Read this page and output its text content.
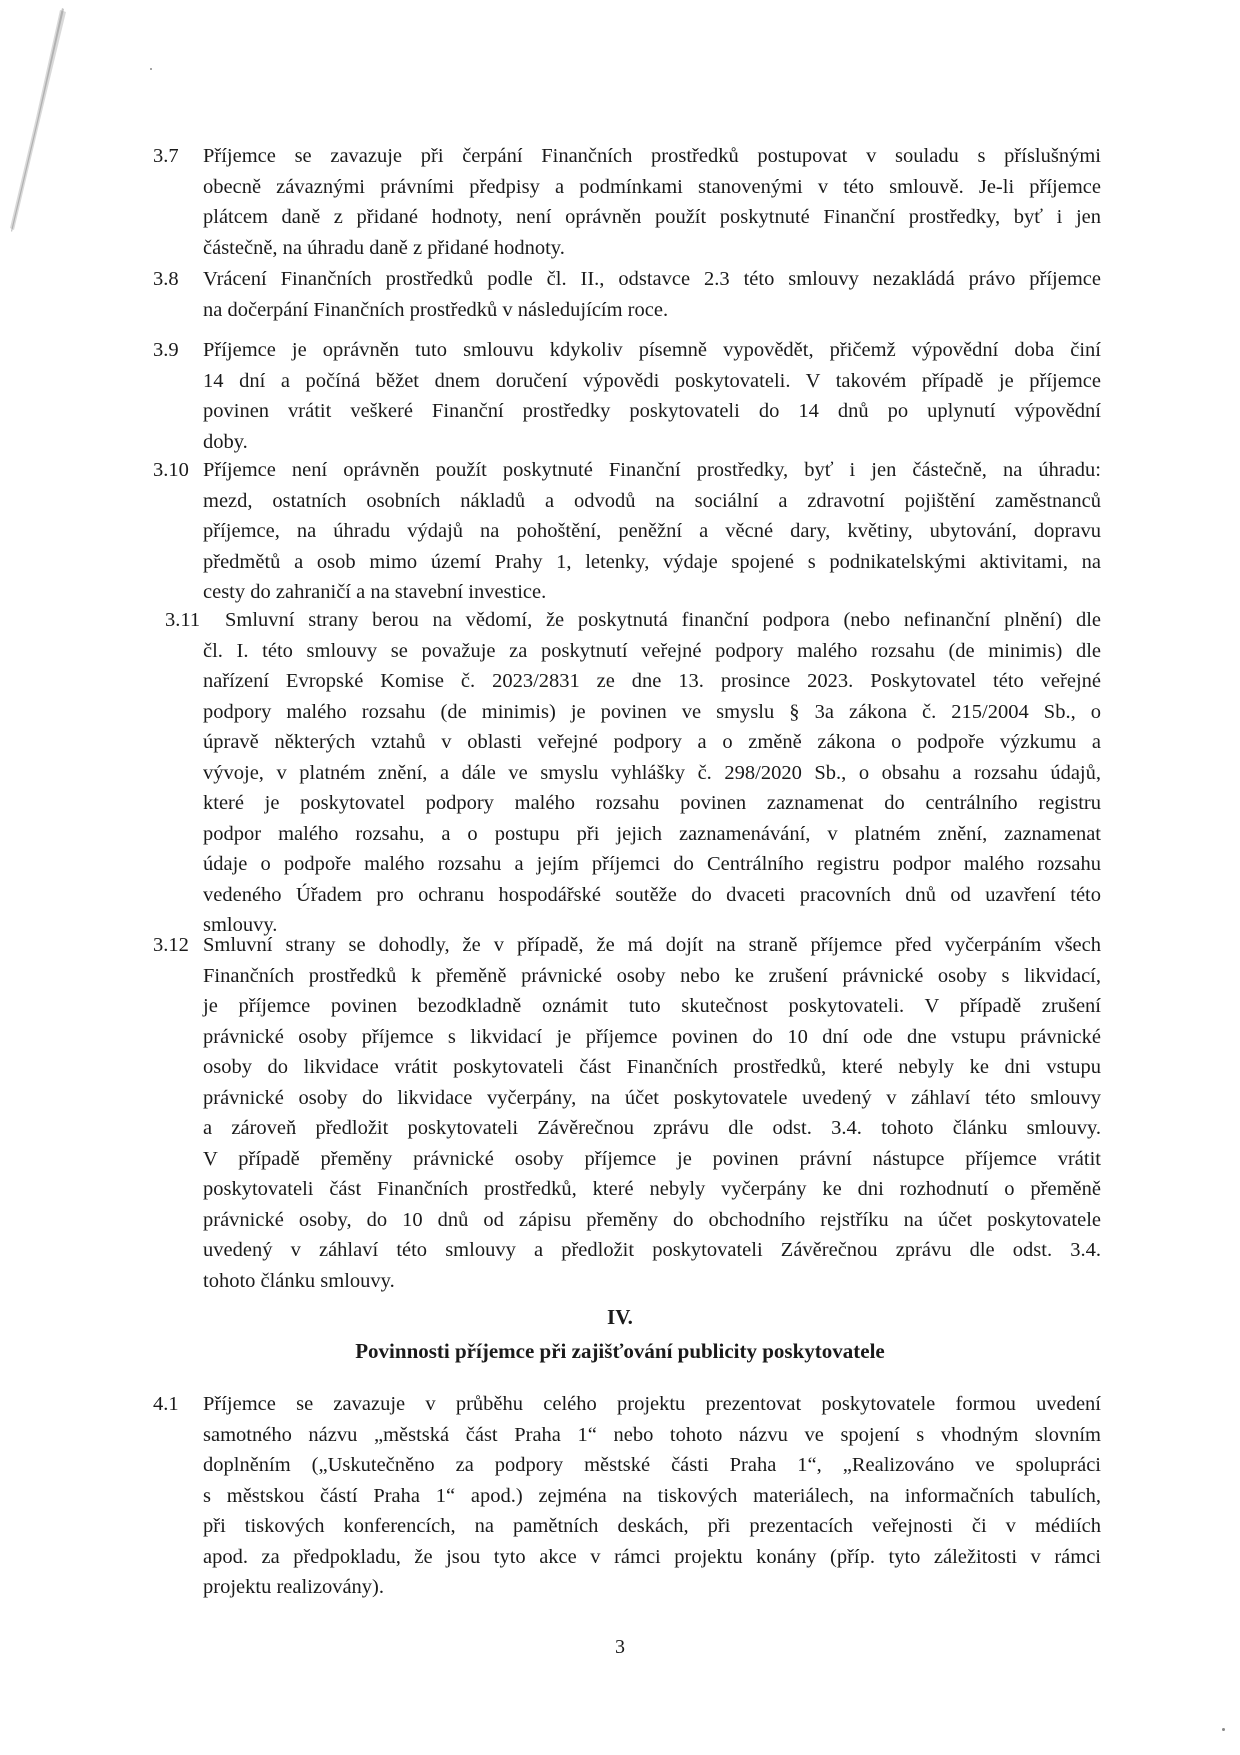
3.7 Příjemce se zavazuje při čerpání Finančních prostředků postupovat v souladu s příslušnými
obecně závaznými právními předpisy a podmínkami stanovenými v této smlouvě. Je-li příjemce
plátcem daně z přidané hodnoty, není oprávněn použít poskytnuté Finanční prostředky, byť i jen
částečně, na úhradu daně z přidané hodnoty.
3.8 Vrácení Finančních prostředků podle čl. II., odstavce 2.3 této smlouvy nezakládá právo příjemce
na dočerpání Finančních prostředků v následujícím roce.
3.9 Příjemce je oprávněn tuto smlouvu kdykoliv písemně vypovědět, přičemž výpovědní doba činí
14 dní a počíná běžet dnem doručení výpovědi poskytovateli. V takovém případě je příjemce
povinen vrátit veškeré Finanční prostředky poskytovateli do 14 dnů po uplynutí výpovědní
doby.
3.10 Příjemce není oprávněn použít poskytnuté Finanční prostředky, byť i jen částečně, na úhradu:
mezd, ostatních osobních nákladů a odvodů na sociální a zdravotní pojištění zaměstnanců
příjemce, na úhradu výdajů na pohoštění, peněžní a věcné dary, květiny, ubytování, dopravu
předmětů a osob mimo území Prahy 1, letenky, výdaje spojené s podnikatelskými aktivitami, na
cesty do zahraničí a na stavební investice.
3.11	Smluvní strany berou na vědomí, že poskytnutá finanční podpora (nebo nefinanční plnění) dle
čl. I. této smlouvy se považuje za poskytnutí veřejné podpory malého rozsahu (de minimis) dle
nařízení Evropské Komise č. 2023/2831 ze dne 13. prosince 2023. Poskytovatel této veřejné
podpory malého rozsahu (de minimis) je povinen ve smyslu § 3a zákona č. 215/2004 Sb., o
úpravě některých vztahů v oblasti veřejné podpory a o změně zákona o podpoře výzkumu a
vývoje, v platném znění, a dále ve smyslu vyhlášky č. 298/2020 Sb., o obsahu a rozsahu údajů,
které je poskytovatel podpory malého rozsahu povinen zaznamenat do centrálního registru
podpor malého rozsahu, a o postupu při jejich zaznamenávání, v platném znění, zaznamenat
údaje o podpoře malého rozsahu a jejím příjemci do Centrálního registru podpor malého rozsahu
vedeného Úřadem pro ochranu hospodářské soutěže do dvaceti pracovních dnů od uzavření této
smlouvy.
3.12 Smluvní strany se dohodly, že v případě, že má dojít na straně příjemce před vyčerpáním všech
Finančních prostředků k přeměně právnické osoby nebo ke zrušení právnické osoby s likvidací,
je příjemce povinen bezodkladně oznámit tuto skutečnost poskytovateli. V případě zrušení
právnické osoby příjemce s likvidací je příjemce povinen do 10 dní ode dne vstupu právnické
osoby do likvidace vrátit poskytovateli část Finančních prostředků, které nebyly ke dni vstupu
právnické osoby do likvidace vyčerpány, na účet poskytovatele uvedený v záhlaví této smlouvy
a zároveň předložit poskytovateli Závěrečnou zprávu dle odst. 3.4. tohoto článku smlouvy.
V případě přeměny právnické osoby příjemce je povinen právní nástupce příjemce vrátit
poskytovateli část Finančních prostředků, které nebyly vyčerpány ke dni rozhodnutí o přeměně
právnické osoby, do 10 dnů od zápisu přeměny do obchodního rejstříku na účet poskytovatele
uvedený v záhlaví této smlouvy a předložit poskytovateli Závěrečnou zprávu dle odst. 3.4.
tohoto článku smlouvy.
IV.
Povinnosti příjemce při zajišťování publicity poskytovatele
4.1 Příjemce se zavazuje v průběhu celého projektu prezentovat poskytovatele formou uvedení
samotného názvu „městská část Praha 1“ nebo tohoto názvu ve spojení s vhodným slovním
doplněním („Uskutečněno za podpory městské části Praha 1“, „Realizováno ve spolupráci
s městskou částí Praha 1“ apod.) zejména na tiskových materiálech, na informačních tabulích,
při tiskových konferencích, na pamětních deskách, při prezentacích veřejnosti či v médiích
apod. za předpokladu, že jsou tyto akce v rámci projektu konány (příp. tyto záležitosti v rámci
projektu realizovány).
3
